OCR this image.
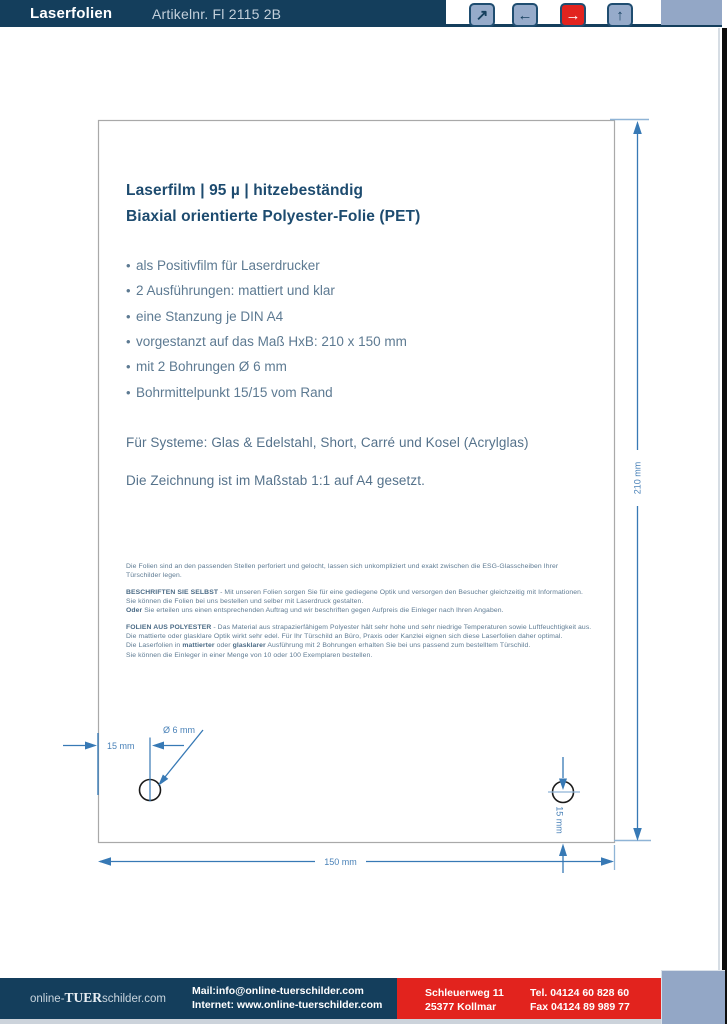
Laserfolien	Artikelnr. Fl 2115 2B	↗ ← → ↑
210 mm
150 mm
15 mm
Ø 6 mm
15 mm
Laserfilm | 95 µ | hitzebeständig
Biaxial orientierte Polyester-Folie (PET)
• als Positivfilm für Laserdrucker
• 2 Ausführungen: mattiert und klar
• eine Stanzung je DIN A4
• vorgestanzt auf das Maß HxB: 210 x 150 mm
• mit 2 Bohrungen Ø 6 mm
• Bohrmittelpunkt 15/15 vom Rand
Für Systeme: Glas & Edelstahl, Short, Carré und Kosel (Acrylglas)
Die Zeichnung ist im Maßstab 1:1 auf A4 gesetzt.
Die Folien sind an den passenden Stellen perforiert und gelocht, lassen sich unkompliziert und exakt zwischen die ESG-Glasscheiben Ihrer
Türschilder legen.
BESCHRIFTEN SIE SELBST - Mit unseren Folien sorgen Sie für eine gediegene Optik und versorgen den Besucher gleichzeitig mit Informationen.
Sie können die Folien bei uns bestellen und selber mit Laserdruck gestalten.
Oder Sie erteilen uns einen entsprechenden Auftrag und wir beschriften gegen Aufpreis die Einleger nach Ihren Angaben.
FOLIEN AUS POLYESTER - Das Material aus strapazierfähigem Polyester hält sehr hohe und sehr niedrige Temperaturen sowie Luftfeuchtigkeit aus.
Die mattierte oder glasklare Optik wirkt sehr edel. Für Ihr Türschild an Büro, Praxis oder Kanzlei eignen sich diese Laserfolien daher optimal.
Die Laserfolien in mattierter oder glasklarer Ausführung mit 2 Bohrungen erhalten Sie bei uns passend zum bestelltem Türschild.
Sie können die Einleger in einer Menge von 10 oder 100 Exemplaren bestellen.
online-TUERschilder.com
Mail:info@online-tuerschilder.com
Internet: www.online-tuerschilder.com
Schleuerweg 11
25377 Kollmar
Tel. 04124 60 828 60
Fax 04124 89 989 77
